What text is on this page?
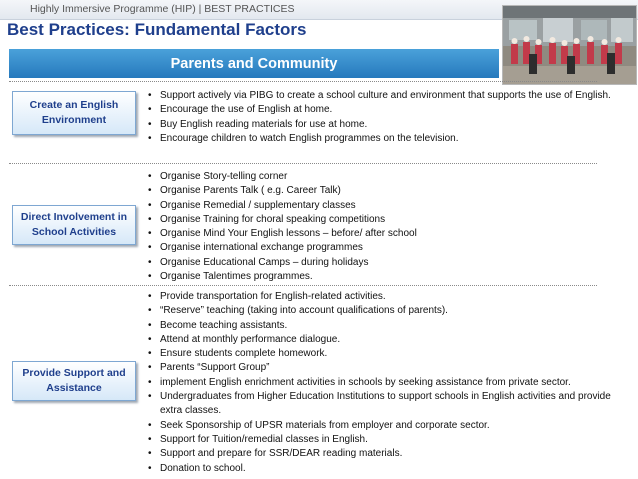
Highly Immersive Programme (HIP) | BEST PRACTICES
Best Practices: Fundamental Factors
Parents and Community
Create an English Environment
• Support actively via PIBG to create a school culture and environment that supports the use of English.
• Encourage the use of English at home.
• Buy English reading materials for use at home.
• Encourage children to watch English programmes on the television.
Direct Involvement in School Activities
• Organise Story-telling corner
• Organise Parents Talk ( e.g. Career Talk)
• Organise Remedial / supplementary classes
• Organise Training for choral speaking competitions
• Organise Mind Your English lessons – before/ after school
• Organise international exchange programmes
• Organise Educational Camps – during holidays
• Organise Talentimes programmes.
Provide Support and Assistance
• Provide transportation for English-related activities.
• “Reserve” teaching (taking into account qualifications of parents).
• Become teaching assistants.
• Attend at monthly performance dialogue.
• Ensure students complete homework.
• Parents “Support Group”
• implement English enrichment activities in schools by seeking assistance from private sector.
• Undergraduates from Higher Education Institutions to support schools in English activities and provide extra classes.
• Seek Sponsorship of UPSR materials from employer and corporate sector.
• Support for Tuition/remedial classes in English.
• Support and prepare for SSR/DEAR reading materials.
• Donation to school.
